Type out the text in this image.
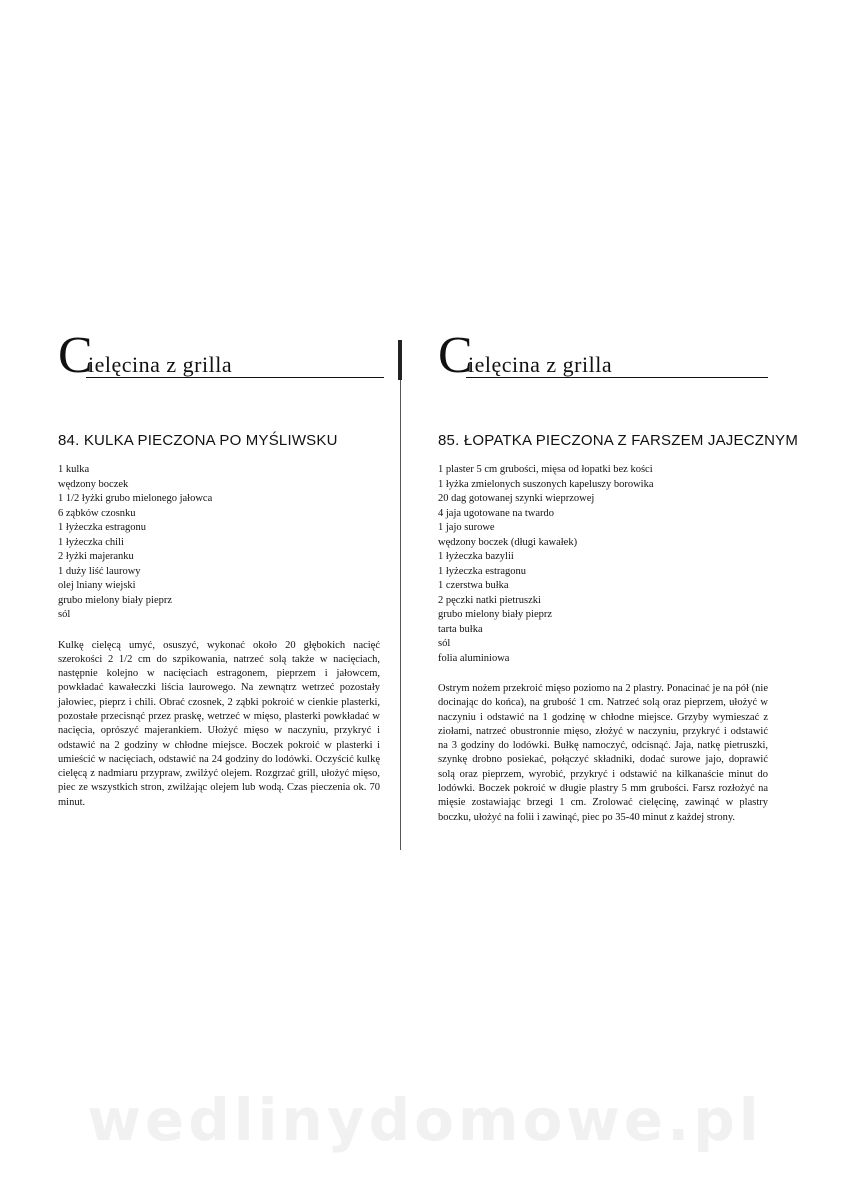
C
ielęcina z grilla
84. KULKA PIECZONA PO MYŚLIWSKU
1 kulka
wędzony boczek
1 1/2 łyżki grubo mielonego jałowca
6 ząbków czosnku
1 łyżeczka estragonu
1 łyżeczka chili
2 łyżki majeranku
1 duży liść laurowy
olej lniany wiejski
grubo mielony biały pieprz
sól

Kulkę cielęcą umyć, osuszyć, wykonać około 20 głębokich nacięć szerokości 2 1/2 cm do szpikowania, natrzeć solą także w nacięciach, następnie kolejno w nacięciach estragonem, pieprzem i jałowcem, powkładać kawałeczki liścia laurowego. Na zewnątrz wetrzeć pozostały jałowiec, pieprz i chili. Obrać czosnek, 2 ząbki pokroić w cienkie plasterki, pozostałe przecisnąć przez praskę, wetrzeć w mięso, plasterki powkładać w nacięcia, oprószyć majerankiem. Ułożyć mięso w naczyniu, przykryć i odstawić na 2 godziny w chłodne miejsce. Boczek pokroić w plasterki i umieścić w nacięciach, odstawić na 24 godziny do lodówki. Oczyścić kulkę cielęcą z nadmiaru przypraw, zwilżyć olejem. Rozgrzać grill, ułożyć mięso, piec ze wszystkich stron, zwilżając olejem lub wodą. Czas pieczenia ok. 70 minut.

C
ielęcina z grilla
85. ŁOPATKA PIECZONA Z FARSZEM JAJECZNYM
1 plaster 5 cm grubości, mięsa od łopatki bez kości
1 łyżka zmielonych suszonych kapeluszy borowika
20 dag gotowanej szynki wieprzowej
4 jaja ugotowane na twardo
1 jajo surowe
wędzony boczek (długi kawałek)
1 łyżeczka bazylii
1 łyżeczka estragonu
1 czerstwa bułka
2 pęczki natki pietruszki
grubo mielony biały pieprz
tarta bułka
sól
folia aluminiowa

Ostrym nożem przekroić mięso poziomo na 2 plastry. Ponacinać je na pół (nie docinając do końca), na grubość 1 cm. Natrzeć solą oraz pieprzem, ułożyć w naczyniu i odstawić na 1 godzinę w chłodne miejsce. Grzyby wymieszać z ziołami, natrzeć obustronnie mięso, złożyć w naczyniu, przykryć i odstawić na 3 godziny do lodówki. Bułkę namoczyć, odcisnąć. Jaja, natkę pietruszki, szynkę drobno posiekać, połączyć składniki, dodać surowe jajo, doprawić solą oraz pieprzem, wyrobić, przykryć i odstawić na kilkanaście minut do lodówki. Boczek pokroić w długie plastry 5 mm grubości. Farsz rozłożyć na mięsie zostawiając brzegi 1 cm. Zrolować cielęcinę, zawinąć w plastry boczku, ułożyć na folii i zawinąć, piec po 35-40 minut z każdej strony.

wedlinydomowe.pl
